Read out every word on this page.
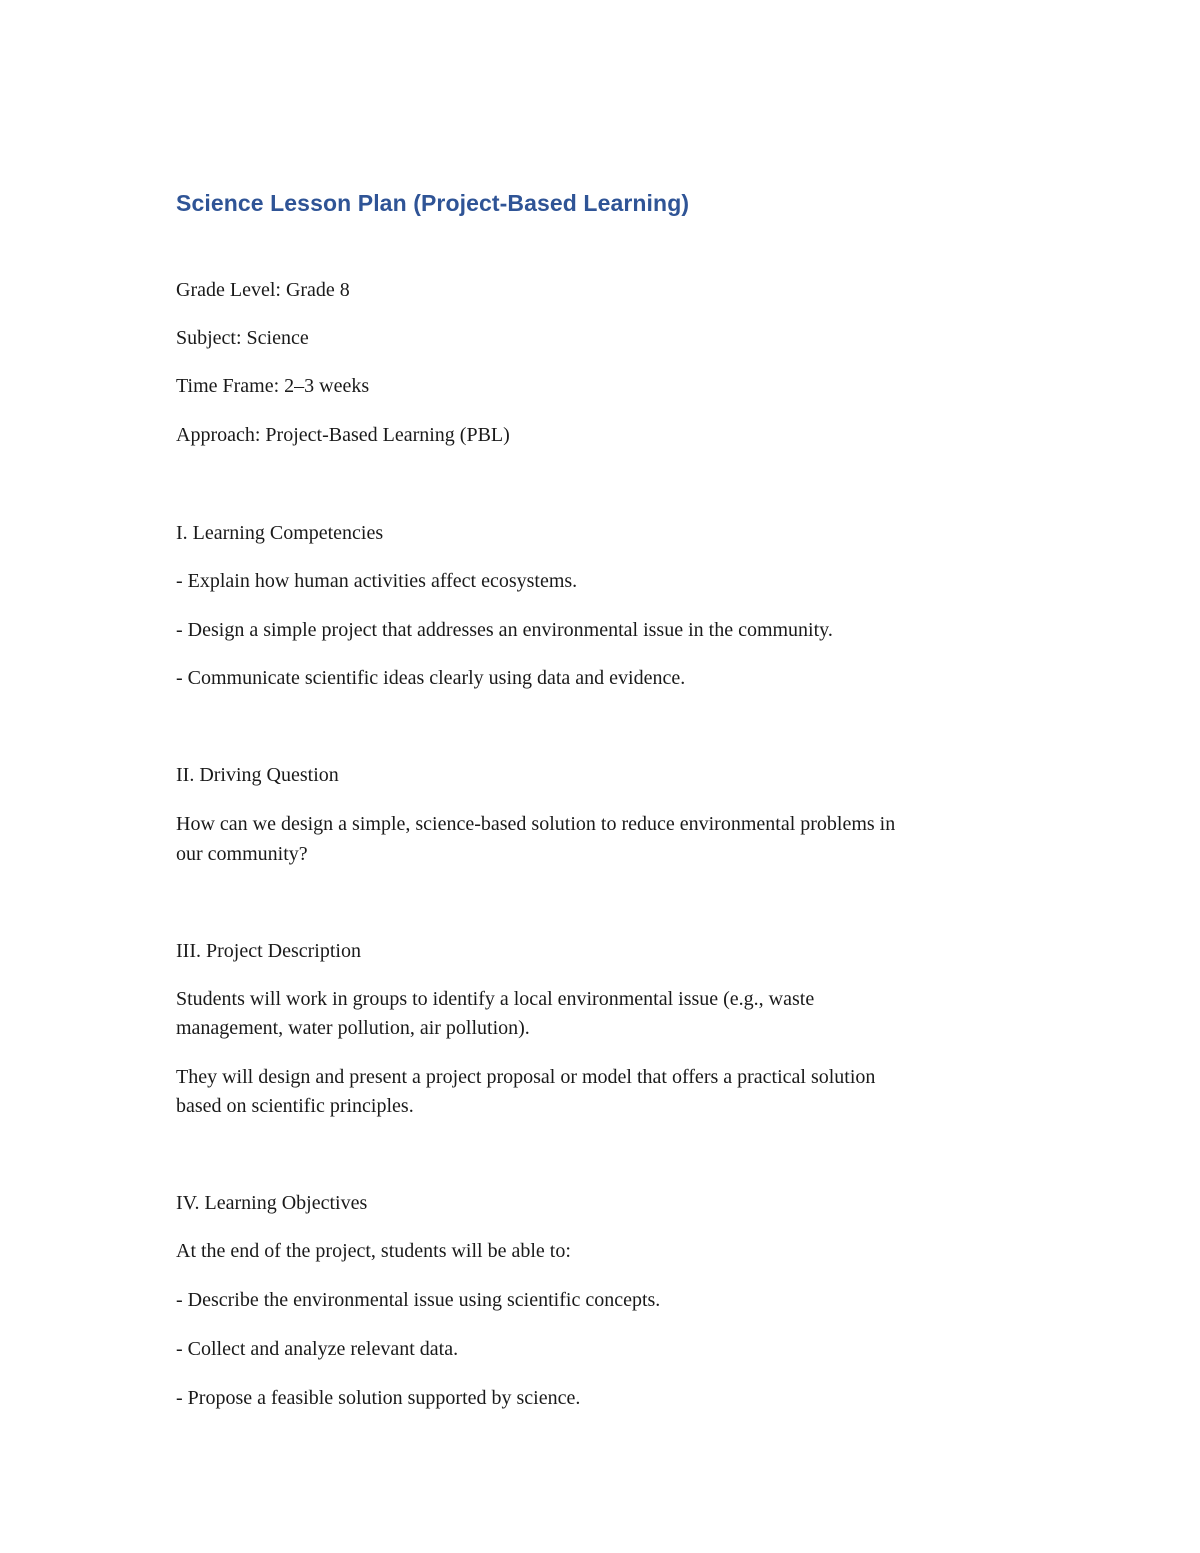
Science Lesson Plan (Project-Based Learning)

Grade Level: Grade 8

Subject: Science

Time Frame: 2–3 weeks

Approach: Project-Based Learning (PBL)

I. Learning Competencies

- Explain how human activities affect ecosystems.

- Design a simple project that addresses an environmental issue in the community.

- Communicate scientific ideas clearly using data and evidence.

II. Driving Question

How can we design a simple, science-based solution to reduce environmental problems in

our community?

III. Project Description

Students will work in groups to identify a local environmental issue (e.g., waste

management, water pollution, air pollution).

They will design and present a project proposal or model that offers a practical solution

based on scientific principles.

IV. Learning Objectives

At the end of the project, students will be able to:

- Describe the environmental issue using scientific concepts.

- Collect and analyze relevant data.

- Propose a feasible solution supported by science.
